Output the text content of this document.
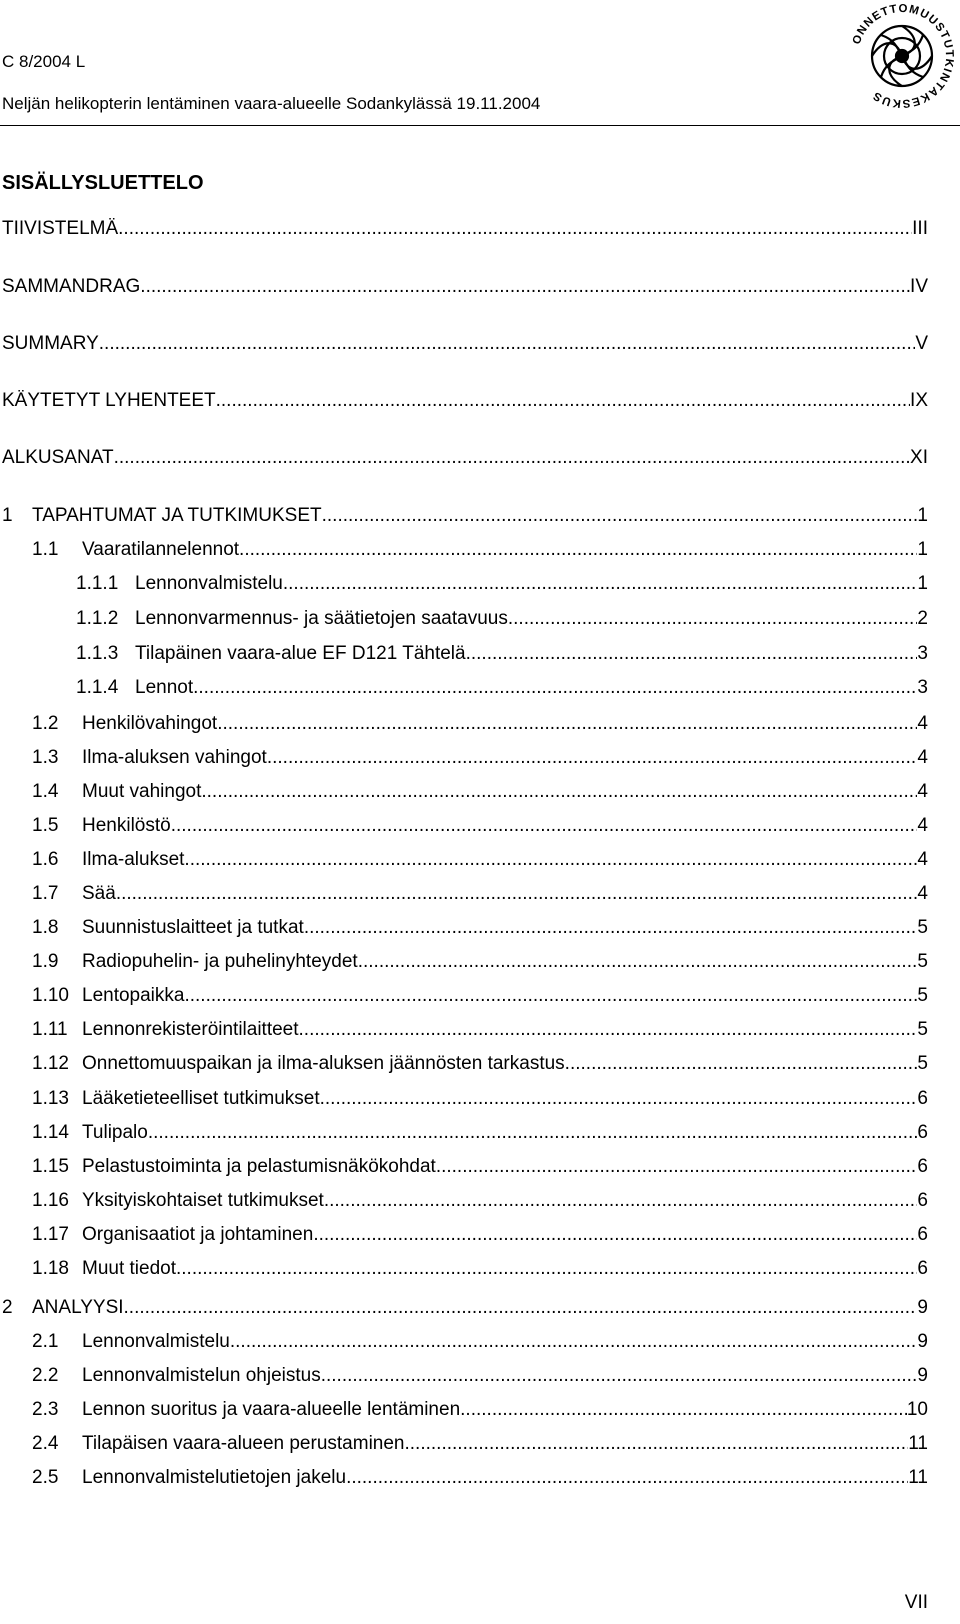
C 8/2004 L
Neljän helikopterin lentäminen vaara-alueelle Sodankylässä 19.11.2004
ONNETTOMUUSTUTKINTAKESKUS
SISÄLLYSLUETTELO
TIIVISTELMÄ .....	III
SAMMANDRAG .....	IV
SUMMARY .....	V
KÄYTETYT LYHENTEET .....	IX
ALKUSANAT .....	XI
1 TAPAHTUMAT JA TUTKIMUKSET .....	1
1.1 Vaaratilannelennot .....	1
1.1.1 Lennonvalmistelu .....	1
1.1.2 Lennonvarmennus- ja säätietojen saatavuus .....	2
1.1.3 Tilapäinen vaara-alue EF D121 Tähtelä .....	3
1.1.4 Lennot .....	3
1.2 Henkilövahingot .....	4
1.3 Ilma-aluksen vahingot .....	4
1.4 Muut vahingot .....	4
1.5 Henkilöstö .....	4
1.6 Ilma-alukset .....	4
1.7 Sää .....	4
1.8 Suunnistuslaitteet ja tutkat .....	5
1.9 Radiopuhelin- ja puhelinyhteydet .....	5
1.10 Lentopaikka .....	5
1.11 Lennonrekisteröintilaitteet .....	5
1.12 Onnettomuuspaikan ja ilma-aluksen jäännösten tarkastus .....	5
1.13 Lääketieteelliset tutkimukset .....	6
1.14 Tulipalo .....	6
1.15 Pelastustoiminta ja pelastumisnäkökohdat .....	6
1.16 Yksityiskohtaiset tutkimukset .....	6
1.17 Organisaatiot ja johtaminen .....	6
1.18 Muut tiedot .....	6
2 ANALYYSI .....	9
2.1 Lennonvalmistelu .....	9
2.2 Lennonvalmistelun ohjeistus .....	9
2.3 Lennon suoritus ja vaara-alueelle lentäminen .....	10
2.4 Tilapäisen vaara-alueen perustaminen .....	11
2.5 Lennonvalmistelutietojen jakelu .....	11
VII
